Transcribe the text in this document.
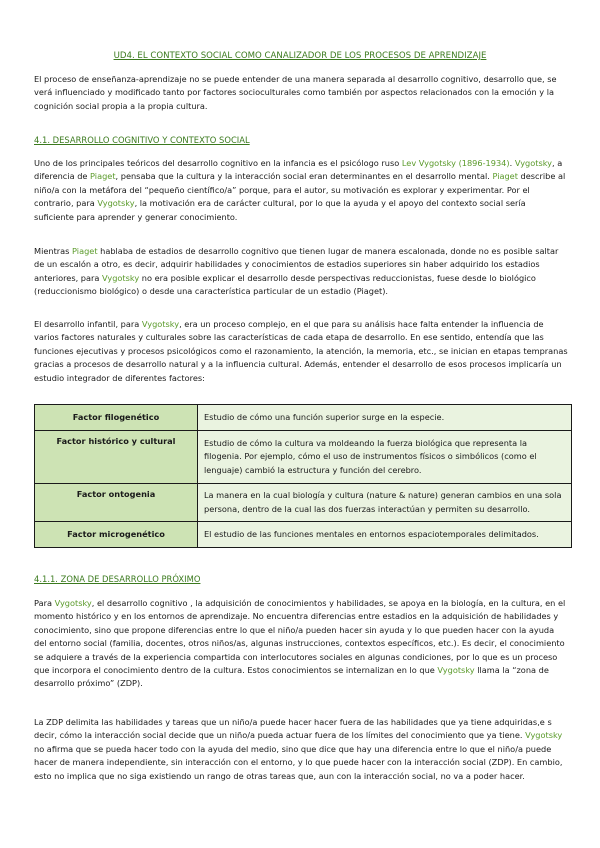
UD4. EL CONTEXTO SOCIAL COMO CANALIZADOR DE LOS PROCESOS DE APRENDIZAJE

El proceso de enseñanza-aprendizaje no se puede entender de una manera separada al desarrollo cognitivo, desarrollo que, se verá influenciado y modificado tanto por factores socioculturales como también por aspectos relacionados con la emoción y la cognición social propia a la propia cultura.

4.1. DESARROLLO COGNITIVO Y CONTEXTO SOCIAL

Uno de los principales teóricos del desarrollo cognitivo en la infancia es el psicólogo ruso Lev Vygotsky (1896-1934). Vygotsky, a diferencia de Piaget, pensaba que la cultura y la interacción social eran determinantes en el desarrollo mental. Piaget describe al niño/a con la metáfora del “pequeño científico/a” porque, para el autor, su motivación es explorar y experimentar. Por el contrario, para Vygotsky, la motivación era de carácter cultural, por lo que la ayuda y el apoyo del contexto social sería suficiente para aprender y generar conocimiento.

Mientras Piaget hablaba de estadios de desarrollo cognitivo que tienen lugar de manera escalonada, donde no es posible saltar de un escalón a otro, es decir, adquirir habilidades y conocimientos de estadios superiores sin haber adquirido los estadios anteriores, para Vygotsky no era posible explicar el desarrollo desde perspectivas reduccionistas, fuese desde lo biológico (reduccionismo biológico) o desde una característica particular de un estadio (Piaget).

El desarrollo infantil, para Vygotsky, era un proceso complejo, en el que para su análisis hace falta entender la influencia de varios factores naturales y culturales sobre las características de cada etapa de desarrollo. En ese sentido, entendía que las funciones ejecutivas y procesos psicológicos como el razonamiento, la atención, la memoria, etc., se inician en etapas tempranas gracias a procesos de desarrollo natural y a la influencia cultural. Además, entender el desarrollo de esos procesos implicaría un estudio integrador de diferentes factores:

Factor filogenético	Estudio de cómo una función superior surge en la especie.
Factor histórico y cultural	Estudio de cómo la cultura va moldeando la fuerza biológica que representa la filogenia. Por ejemplo, cómo el uso de instrumentos físicos o simbólicos (como el lenguaje) cambió la estructura y función del cerebro.
Factor ontogenia	La manera en la cual biología y cultura (nature & nature) generan cambios en una sola persona, dentro de la cual las dos fuerzas interactúan y permiten su desarrollo.
Factor microgenético	El estudio de las funciones mentales en entornos espaciotemporales delimitados.
4.1.1. ZONA DE DESARROLLO PRÓXIMO

Para Vygotsky, el desarrollo cognitivo , la adquisición de conocimientos y habilidades, se apoya en la biología, en la cultura, en el momento histórico y en los entornos de aprendizaje. No encuentra diferencias entre estadios en la adquisición de habilidades y conocimiento, sino que propone diferencias entre lo que el niño/a pueden hacer sin ayuda y lo que pueden hacer con la ayuda del entorno social (familia, docentes, otros niños/as, algunas instrucciones, contextos específicos, etc.). Es decir, el conocimiento se adquiere a través de la experiencia compartida con interlocutores sociales en algunas condiciones, por lo que es un proceso que incorpora el conocimiento dentro de la cultura. Estos conocimientos se internalizan en lo que Vygotsky llama la “zona de desarrollo próximo” (ZDP).

La ZDP delimita las habilidades y tareas que un niño/a puede hacer hacer fuera de las habilidades que ya tiene adquiridas,e s decir, cómo la interacción social decide que un niño/a pueda actuar fuera de los límites del conocimiento que ya tiene. Vygotsky no afirma que se pueda hacer todo con la ayuda del medio, sino que dice que hay una diferencia entre lo que el niño/a puede hacer de manera independiente, sin interacción con el entorno, y lo que puede hacer con la interacción social (ZDP). En cambio, esto no implica que no siga existiendo un rango de otras tareas que, aun con la interacción social, no va a poder hacer.
